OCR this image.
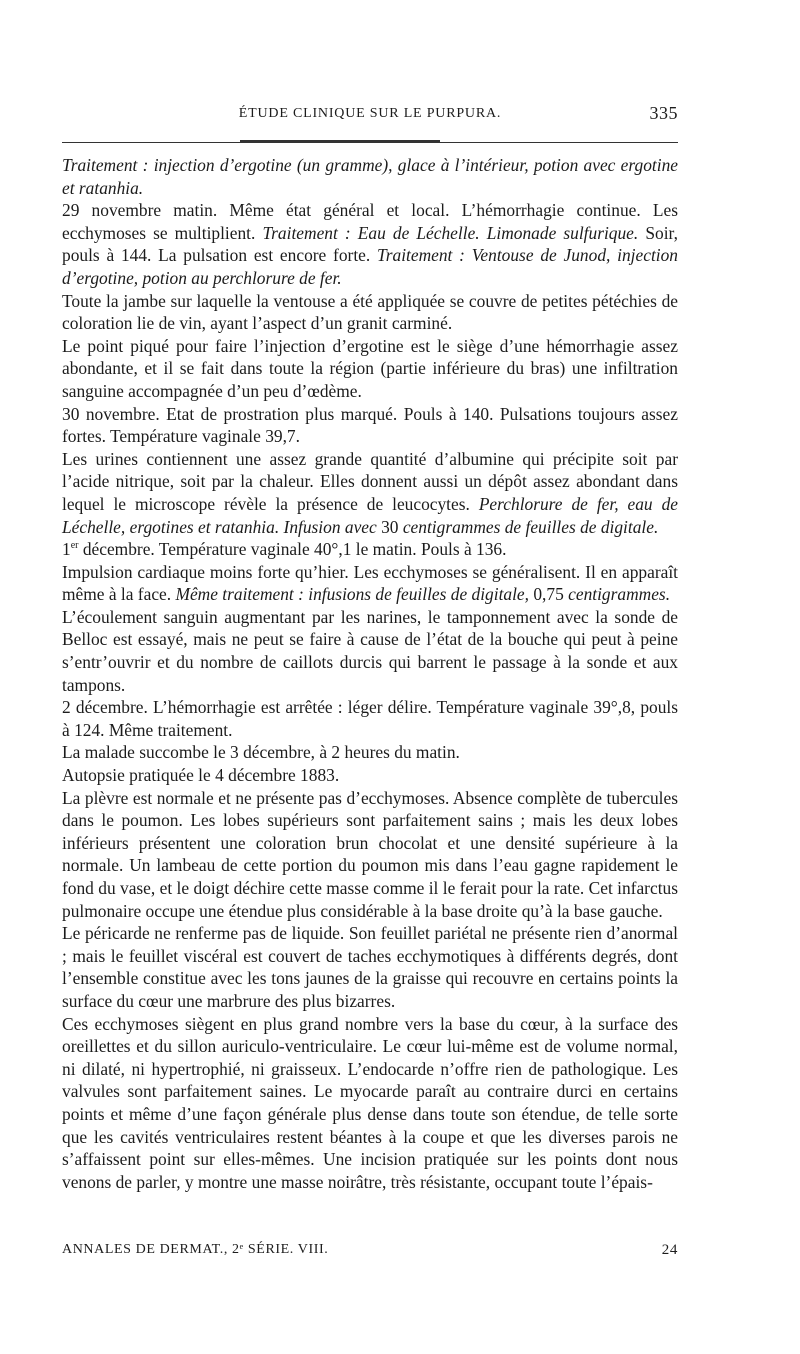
ÉTUDE CLINIQUE SUR LE PURPURA.	335

Traitement : injection d’ergotine (un gramme), glace à l’intérieur, potion avec ergotine et ratanhia.

29 novembre matin. Même état général et local. L’hémorrhagie continue. Les ecchymoses se multiplient. Traitement : Eau de Léchelle. Limonade sulfurique. Soir, pouls à 144. La pulsation est encore forte. Traitement : Ventouse de Junod, injection d’ergotine, potion au perchlorure de fer.

Toute la jambe sur laquelle la ventouse a été appliquée se couvre de petites pétéchies de coloration lie de vin, ayant l’aspect d’un granit carminé.

Le point piqué pour faire l’injection d’ergotine est le siège d’une hémorrhagie assez abondante, et il se fait dans toute la région (partie inférieure du bras) une infiltration sanguine accompagnée d’un peu d’œdème.

30 novembre. Etat de prostration plus marqué. Pouls à 140. Pulsations toujours assez fortes. Température vaginale 39,7.

Les urines contiennent une assez grande quantité d’albumine qui précipite soit par l’acide nitrique, soit par la chaleur. Elles donnent aussi un dépôt assez abondant dans lequel le microscope révèle la présence de leucocytes. Perchlorure de fer, eau de Léchelle, ergotines et ratanhia. Infusion avec 30 centigrammes de feuilles de digitale.

1er décembre. Température vaginale 40°,1 le matin. Pouls à 136.

Impulsion cardiaque moins forte qu’hier. Les ecchymoses se généralisent. Il en apparaît même à la face. Même traitement : infusions de feuilles de digitale, 0,75 centigrammes.

L’écoulement sanguin augmentant par les narines, le tamponnement avec la sonde de Belloc est essayé, mais ne peut se faire à cause de l’état de la bouche qui peut à peine s’entr’ouvrir et du nombre de caillots durcis qui barrent le passage à la sonde et aux tampons.

2 décembre. L’hémorrhagie est arrêtée : léger délire. Température vaginale 39°,8, pouls à 124. Même traitement.

La malade succombe le 3 décembre, à 2 heures du matin.

Autopsie pratiquée le 4 décembre 1883.

La plèvre est normale et ne présente pas d’ecchymoses. Absence complète de tubercules dans le poumon. Les lobes supérieurs sont parfaitement sains ; mais les deux lobes inférieurs présentent une coloration brun chocolat et une densité supérieure à la normale. Un lambeau de cette portion du poumon mis dans l’eau gagne rapidement le fond du vase, et le doigt déchire cette masse comme il le ferait pour la rate. Cet infarctus pulmonaire occupe une étendue plus considérable à la base droite qu’à la base gauche.

Le péricarde ne renferme pas de liquide. Son feuillet pariétal ne présente rien d’anormal ; mais le feuillet viscéral est couvert de taches ecchymotiques à différents degrés, dont l’ensemble constitue avec les tons jaunes de la graisse qui recouvre en certains points la surface du cœur une marbrure des plus bizarres.

Ces ecchymoses siègent en plus grand nombre vers la base du cœur, à la surface des oreillettes et du sillon auriculo-ventriculaire. Le cœur lui-même est de volume normal, ni dilaté, ni hypertrophié, ni graisseux. L’endocarde n’offre rien de pathologique. Les valvules sont parfaitement saines. Le myocarde paraît au contraire durci en certains points et même d’une façon générale plus dense dans toute son étendue, de telle sorte que les cavités ventriculaires restent béantes à la coupe et que les diverses parois ne s’affaissent point sur elles-mêmes. Une incision pratiquée sur les points dont nous venons de parler, y montre une masse noirâtre, très résistante, occupant toute l’épais-

ANNALES DE DERMAT., 2ᵉ SÉRIE. VIII.	24
